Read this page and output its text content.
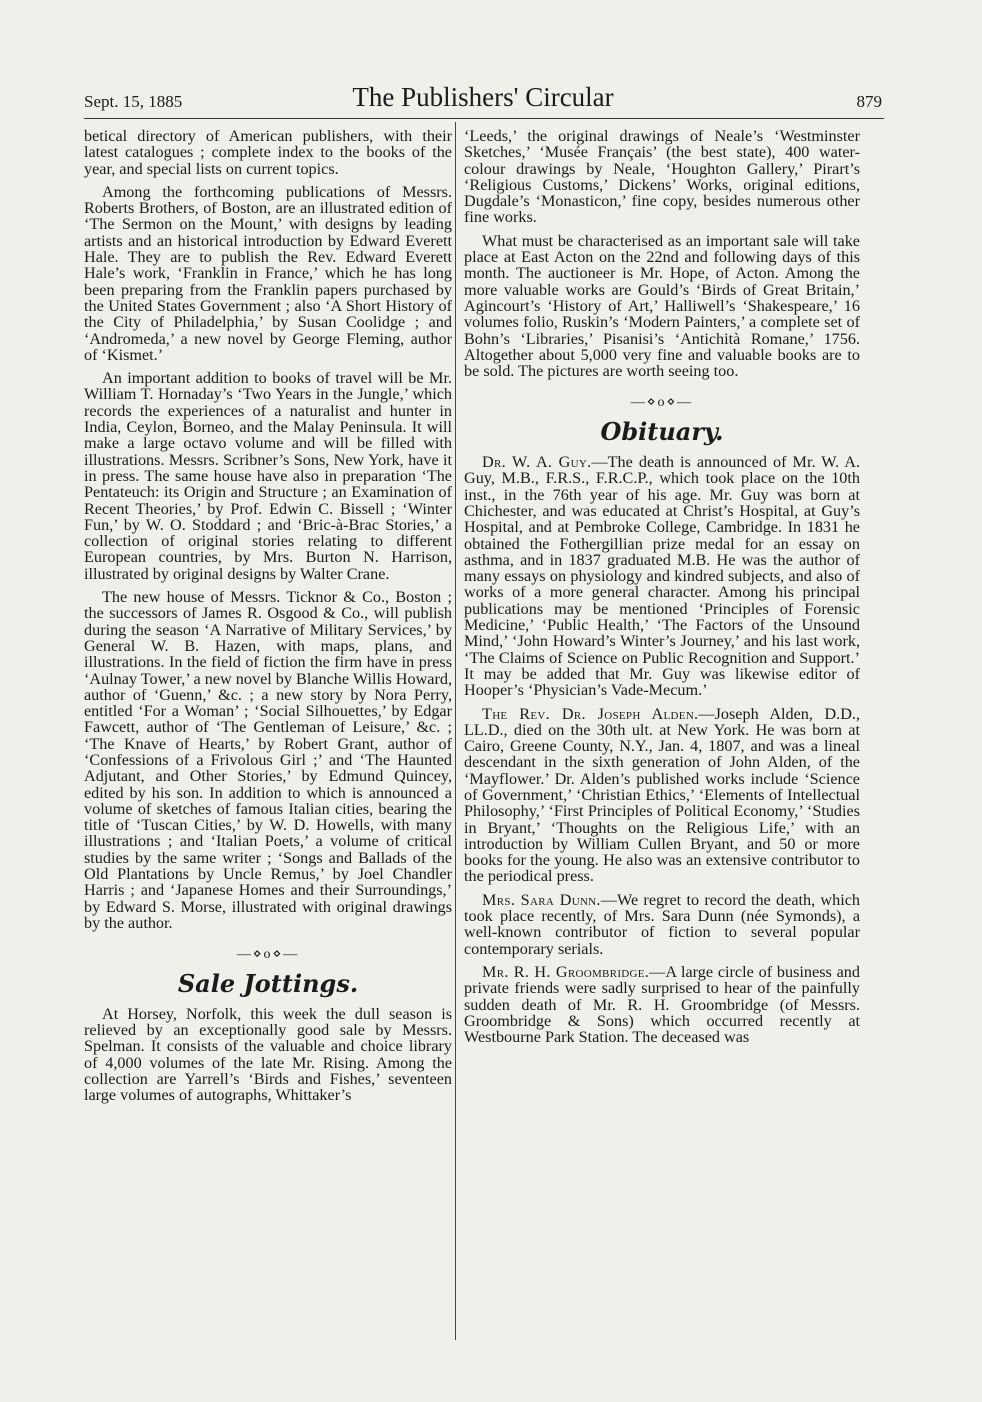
Sept. 15, 1885	The Publishers' Circular	879

betical directory of American publishers, with their latest catalogues ; complete index to the books of the year, and special lists on current topics.

Among the forthcoming publications of Messrs. Roberts Brothers, of Boston, are an illustrated edition of ‘The Sermon on the Mount,’ with designs by leading artists and an historical introduction by Edward Everett Hale. They are to publish the Rev. Edward Everett Hale’s work, ‘Franklin in France,’ which he has long been preparing from the Franklin papers purchased by the United States Government ; also ‘A Short History of the City of Philadelphia,’ by Susan Coolidge ; and ‘Andromeda,’ a new novel by George Fleming, author of ‘Kismet.’

An important addition to books of travel will be Mr. William T. Hornaday’s ‘Two Years in the Jungle,’ which records the experiences of a naturalist and hunter in India, Ceylon, Borneo, and the Malay Peninsula. It will make a large octavo volume and will be filled with illustrations. Messrs. Scribner’s Sons, New York, have it in press. The same house have also in preparation ‘The Pentateuch: its Origin and Structure ; an Examination of Recent Theories,’ by Prof. Edwin C. Bissell ; ‘Winter Fun,’ by W. O. Stoddard ; and ‘Bric-à-Brac Stories,’ a collection of original stories relating to different European countries, by Mrs. Burton N. Harrison, illustrated by original designs by Walter Crane.

The new house of Messrs. Ticknor & Co., Boston ; the successors of James R. Osgood & Co., will publish during the season ‘A Narrative of Military Services,’ by General W. B. Hazen, with maps, plans, and illustrations. In the field of fiction the firm have in press ‘Aulnay Tower,’ a new novel by Blanche Willis Howard, author of ‘Guenn,’ &c. ; a new story by Nora Perry, entitled ‘For a Woman’ ; ‘Social Silhouettes,’ by Edgar Fawcett, author of ‘The Gentleman of Leisure,’ &c. ; ‘The Knave of Hearts,’ by Robert Grant, author of ‘Confessions of a Frivolous Girl ;’ and ‘The Haunted Adjutant, and Other Stories,’ by Edmund Quincey, edited by his son. In addition to which is announced a volume of sketches of famous Italian cities, bearing the title of ‘Tuscan Cities,’ by W. D. Howells, with many illustrations ; and ‘Italian Poets,’ a volume of critical studies by the same writer ; ‘Songs and Ballads of the Old Plantations by Uncle Remus,’ by Joel Chandler Harris ; and ‘Japanese Homes and their Surroundings,’ by Edward S. Morse, illustrated with original drawings by the author.

—⋄o⋄—
Sale Jottings.

At Horsey, Norfolk, this week the dull season is relieved by an exceptionally good sale by Messrs. Spelman. It consists of the valuable and choice library of 4,000 volumes of the late Mr. Rising. Among the collection are Yarrell’s ‘Birds and Fishes,’ seventeen large volumes of autographs, Whittaker’s

‘Leeds,’ the original drawings of Neale’s ‘Westminster Sketches,’ ‘Musée Français’ (the best state), 400 water-colour drawings by Neale, ‘Houghton Gallery,’ Pirart’s ‘Religious Customs,’ Dickens’ Works, original editions, Dugdale’s ‘Monasticon,’ fine copy, besides numerous other fine works.

What must be characterised as an important sale will take place at East Acton on the 22nd and following days of this month. The auctioneer is Mr. Hope, of Acton. Among the more valuable works are Gould’s ‘Birds of Great Britain,’ Agincourt’s ‘History of Art,’ Halliwell’s ‘Shakespeare,’ 16 volumes folio, Ruskin’s ‘Modern Painters,’ a complete set of Bohn’s ‘Libraries,’ Pisanisi’s ‘Antichità Romane,’ 1756. Altogether about 5,000 very fine and valuable books are to be sold. The pictures are worth seeing too.

—⋄o⋄—
Obituary.

Dr. W. A. Guy.—The death is announced of Mr. W. A. Guy, M.B., F.R.S., F.R.C.P., which took place on the 10th inst., in the 76th year of his age. Mr. Guy was born at Chichester, and was educated at Christ’s Hospital, at Guy’s Hospital, and at Pembroke College, Cambridge. In 1831 he obtained the Fothergillian prize medal for an essay on asthma, and in 1837 graduated M.B. He was the author of many essays on physiology and kindred subjects, and also of works of a more general character. Among his principal publications may be mentioned ‘Principles of Forensic Medicine,’ ‘Public Health,’ ‘The Factors of the Unsound Mind,’ ‘John Howard’s Winter’s Journey,’ and his last work, ‘The Claims of Science on Public Recognition and Support.’ It may be added that Mr. Guy was likewise editor of Hooper’s ‘Physician’s Vade-Mecum.’

The Rev. Dr. Joseph Alden.—Joseph Alden, D.D., LL.D., died on the 30th ult. at New York. He was born at Cairo, Greene County, N.Y., Jan. 4, 1807, and was a lineal descendant in the sixth generation of John Alden, of the ‘Mayflower.’ Dr. Alden’s published works include ‘Science of Government,’ ‘Christian Ethics,’ ‘Elements of Intellectual Philosophy,’ ‘First Principles of Political Economy,’ ‘Studies in Bryant,’ ‘Thoughts on the Religious Life,’ with an introduction by William Cullen Bryant, and 50 or more books for the young. He also was an extensive contributor to the periodical press.

Mrs. Sara Dunn.—We regret to record the death, which took place recently, of Mrs. Sara Dunn (née Symonds), a well-known contributor of fiction to several popular contemporary serials.

Mr. R. H. Groombridge.—A large circle of business and private friends were sadly surprised to hear of the painfully sudden death of Mr. R. H. Groombridge (of Messrs. Groombridge & Sons) which occurred recently at Westbourne Park Station. The deceased was
